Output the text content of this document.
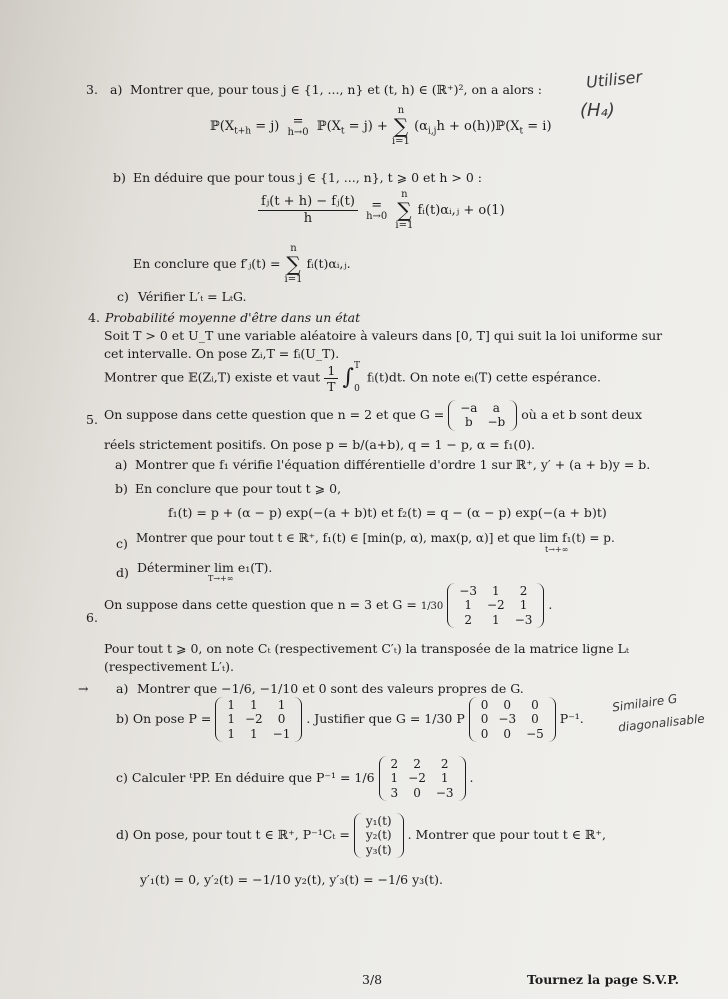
Utiliser
(H₄)
Similaire G
diagonalisable
3. a) Montrer que, pour tous j ∈ {1, ..., n} et (t, h) ∈ (ℝ⁺)², on a alors :
$ℙ(X_{t+h} = j)$	=
h→0 $ℙ(X_t = j) + n$
∑
i=1 ($\alpha_{i,j}h$ + $o(h))ℙ(X_t = i)$
b) En déduire que pour tous j ∈ {1, ..., n}, t ⩾ 0 et h > 0 :
$\frac{\text{fⱼ(t + h) − fⱼ(t)}}{h}$
	=
h→0 n
∑
i=1 fᵢ(t)αᵢ,ⱼ + o(1)
En conclure que f′ⱼ(t) = n
∑
i=1 fᵢ(t)αᵢ,ⱼ.
c) Vérifier L′ₜ = LₜG.
4. Probabilité moyenne d'être dans un état
Soit T > 0 et U_T une variable aléatoire à valeurs dans [0, T] qui suit la loi uniforme sur
cet intervalle. On pose Zᵢ,T = fᵢ(U_T).
Montrer que 𝔼(Zᵢ,T) existe et vaut $\frac{1}{T} \int T$
0 fᵢ(t)dt. On note eᵢ(T) cette espérance.
5. On suppose dans cette question que n = 2 et que G = −a	a
b	−b
où a et b sont deux
réels strictement positifs. On pose p = b/(a+b), q = 1 − p, α = f₁(0).
a) Montrer que f₁ vérifie l'équation différentielle d'ordre 1 sur ℝ⁺, y′ + (a + b)y = b.
b) En conclure que pour tout t ⩾ 0,
f₁(t) = p + (α − p) exp(−(a + b)t) et f₂(t) = q − (α − p) exp(−(a + b)t)
c) Montrer que pour tout t ∈ ℝ⁺, f₁(t) ∈ [min(p, α), max(p, α)] et que lim f₁(t) = p.
t→+∞
d) Déterminer lim e₁(T).
T→+∞
6.
On suppose dans cette question que n = 3 et G = 1/30
−3	1	2
1	−2	1
2	1	−3
.
Pour tout t ⩾ 0, on note Cₜ (respectivement C′ₜ) la transposée de la matrice ligne Lₜ
(respectivement L′ₜ).
→ a) Montrer que −1/6, −1/10 et 0 sont des valeurs propres de G.
b) On pose P =
1	1	1
1	−2	0
1	1	−1
. Justifier que G = 1/30 P
0	0	0
0	−3	0
0	0	−5
P⁻¹.
c) Calculer ᵗPP. En déduire que P⁻¹ = 1/6
2	2	2
1	−2	1
3	0	−3
.
d) On pose, pour tout t ∈ ℝ⁺, P⁻¹Cₜ =
y₁(t)
y₂(t)
y₃(t)
. Montrer que pour tout t ∈ ℝ⁺,
y′₁(t) = 0, y′₂(t) = −1/10 y₂(t), y′₃(t) = −1/6 y₃(t).
3/8	Tournez la page S.V.P.
